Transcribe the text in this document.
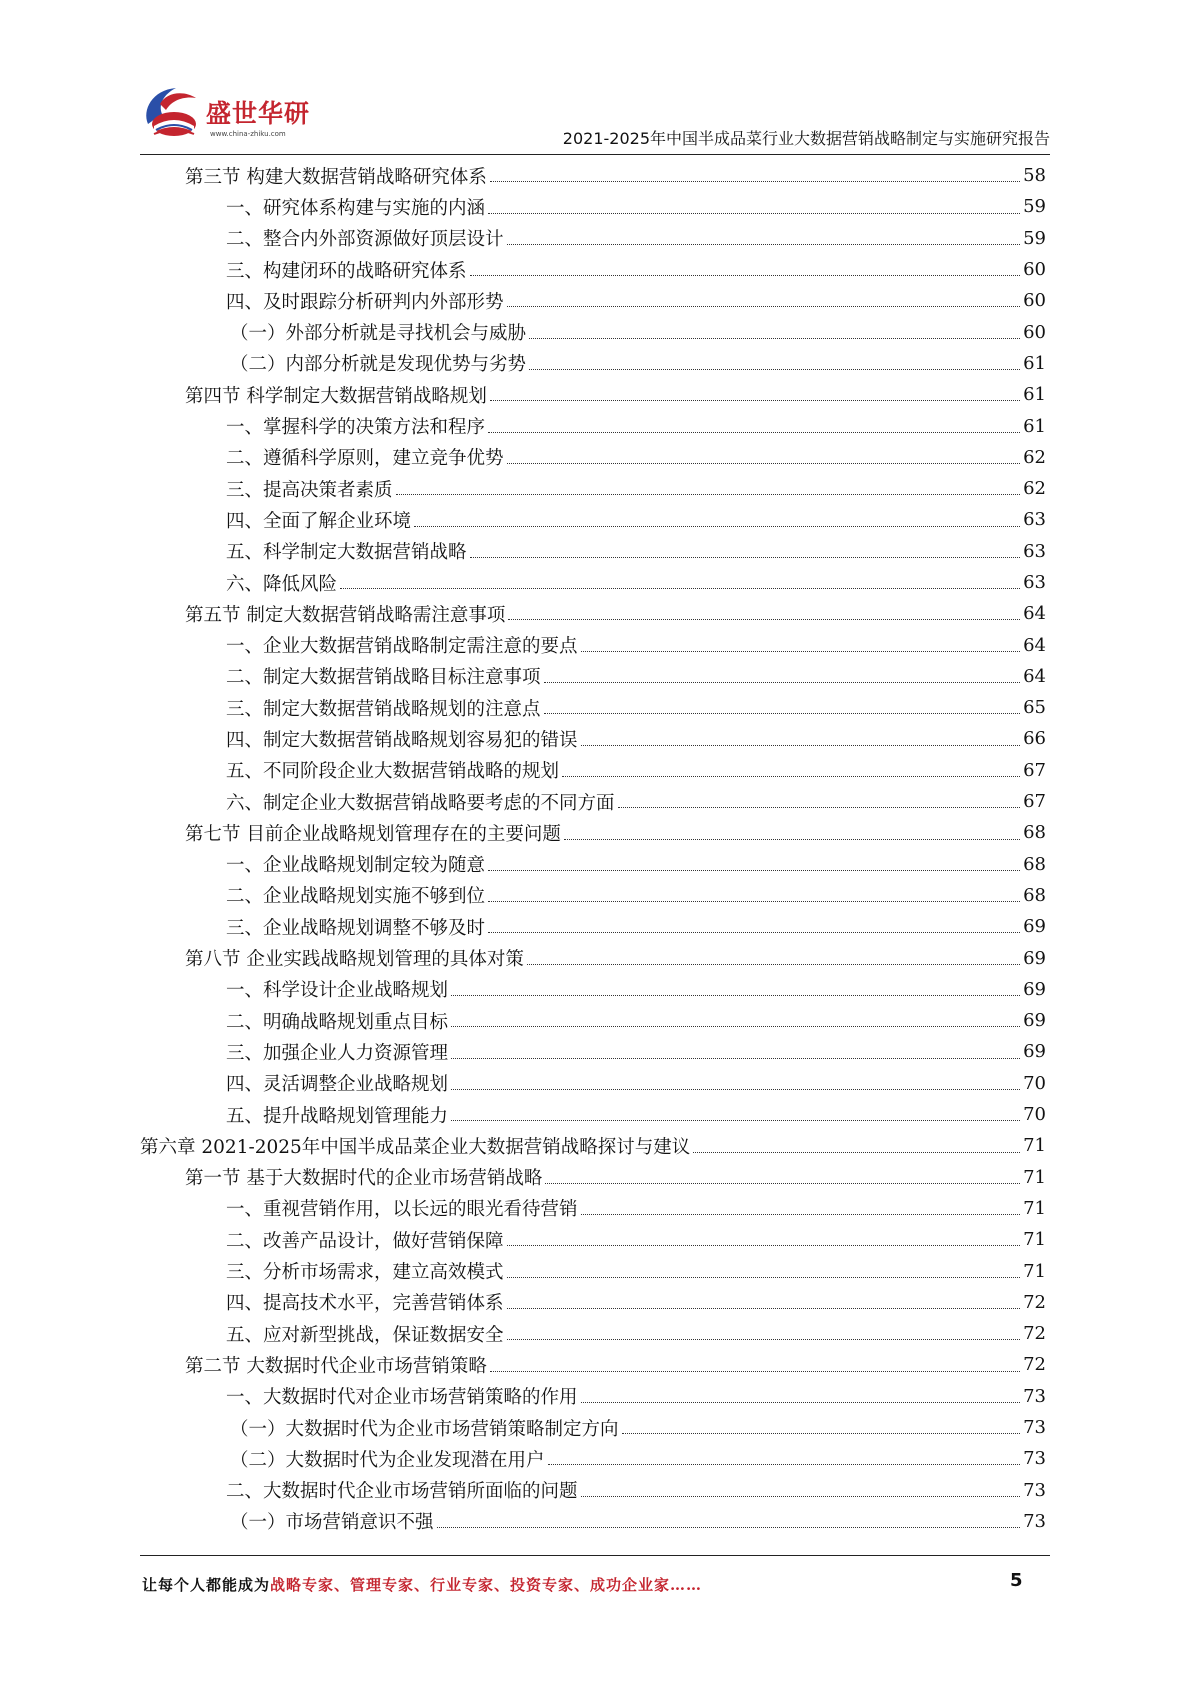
盛世华研
www.china-zhiku.com	2021-2025年中国半成品菜行业大数据营销战略制定与实施研究报告
第三节 构建大数据营销战略研究体系	58
一、研究体系构建与实施的内涵	59
二、整合内外部资源做好顶层设计	59
三、构建闭环的战略研究体系	60
四、及时跟踪分析研判内外部形势	60
（一）外部分析就是寻找机会与威胁	60
（二）内部分析就是发现优势与劣势	61
第四节 科学制定大数据营销战略规划	61
一、掌握科学的决策方法和程序	61
二、遵循科学原则，建立竞争优势	62
三、提高决策者素质	62
四、全面了解企业环境	63
五、科学制定大数据营销战略	63
六、降低风险	63
第五节 制定大数据营销战略需注意事项	64
一、企业大数据营销战略制定需注意的要点	64
二、制定大数据营销战略目标注意事项	64
三、制定大数据营销战略规划的注意点	65
四、制定大数据营销战略规划容易犯的错误	66
五、不同阶段企业大数据营销战略的规划	67
六、制定企业大数据营销战略要考虑的不同方面	67
第七节 目前企业战略规划管理存在的主要问题	68
一、企业战略规划制定较为随意	68
二、企业战略规划实施不够到位	68
三、企业战略规划调整不够及时	69
第八节 企业实践战略规划管理的具体对策	69
一、科学设计企业战略规划	69
二、明确战略规划重点目标	69
三、加强企业人力资源管理	69
四、灵活调整企业战略规划	70
五、提升战略规划管理能力	70
第六章 2021-2025年中国半成品菜企业大数据营销战略探讨与建议	71
第一节 基于大数据时代的企业市场营销战略	71
一、重视营销作用，以长远的眼光看待营销	71
二、改善产品设计，做好营销保障	71
三、分析市场需求，建立高效模式	71
四、提高技术水平，完善营销体系	72
五、应对新型挑战，保证数据安全	72
第二节 大数据时代企业市场营销策略	72
一、大数据时代对企业市场营销策略的作用	73
（一）大数据时代为企业市场营销策略制定方向	73
（二）大数据时代为企业发现潜在用户	73
二、大数据时代企业市场营销所面临的问题	73
（一）市场营销意识不强	73
让每个人都能成为战略专家、管理专家、行业专家、投资专家、成功企业家……	5
